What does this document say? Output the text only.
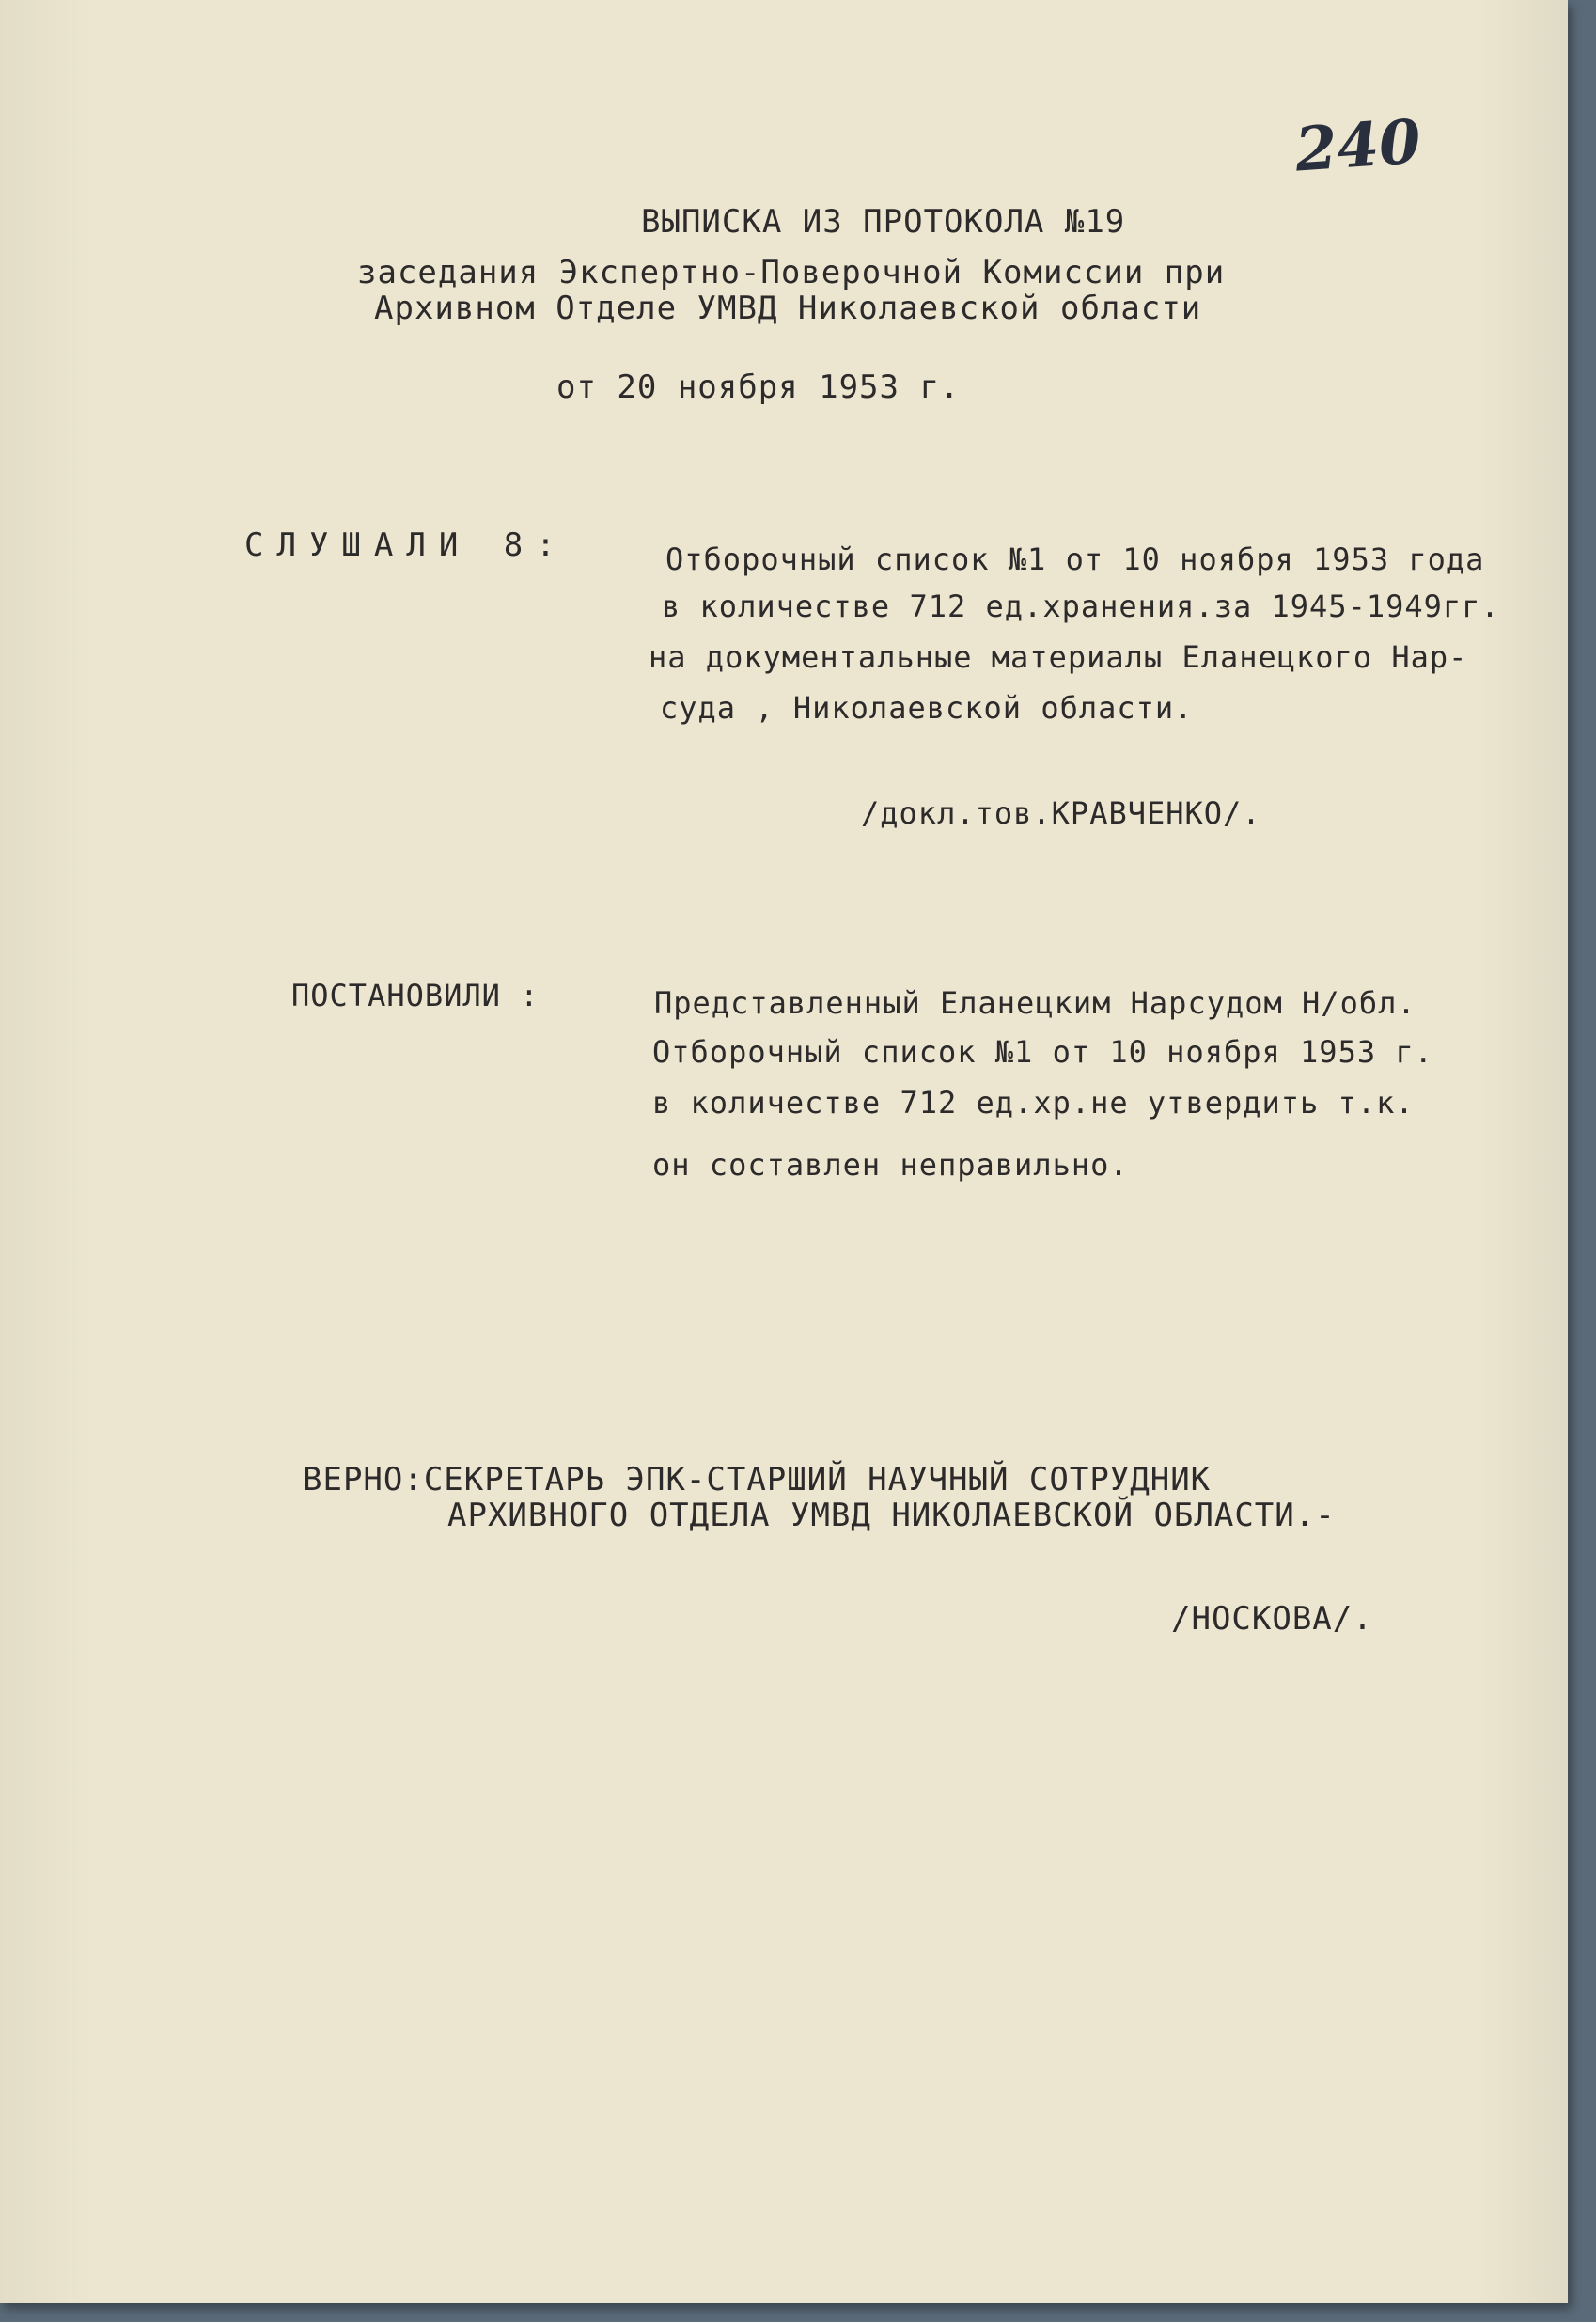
240
ВЫПИСКА ИЗ ПРОТОКОЛА №19
заседания Экспертно-Поверочной Комиссии при
Архивном Отделе УМВД Николаевской области
от 20 ноября 1953 г.
СЛУШАЛИ 8:	Отборочный список №1 от 10 ноября 1953 года
в количестве 712 ед.хранения.за 1945-1949гг.
на документальные материалы Еланецкого Нар-
суда , Николаевской области.
/докл.тов.КРАВЧЕНКО/.
ПОСТАНОВИЛИ :	Представленный Еланецким Нарсудом Н/обл.
Отборочный список №1 от 10 ноября 1953 г.
в количестве 712 ед.хр.не утвердить т.к.
он составлен неправильно.
ВЕРНО:СЕКРЕТАРЬ ЭПК-СТАРШИЙ НАУЧНЫЙ СОТРУДНИК
АРХИВНОГО ОТДЕЛА УМВД НИКОЛАЕВСКОЙ ОБЛАСТИ.-
/НОСКОВА/.
